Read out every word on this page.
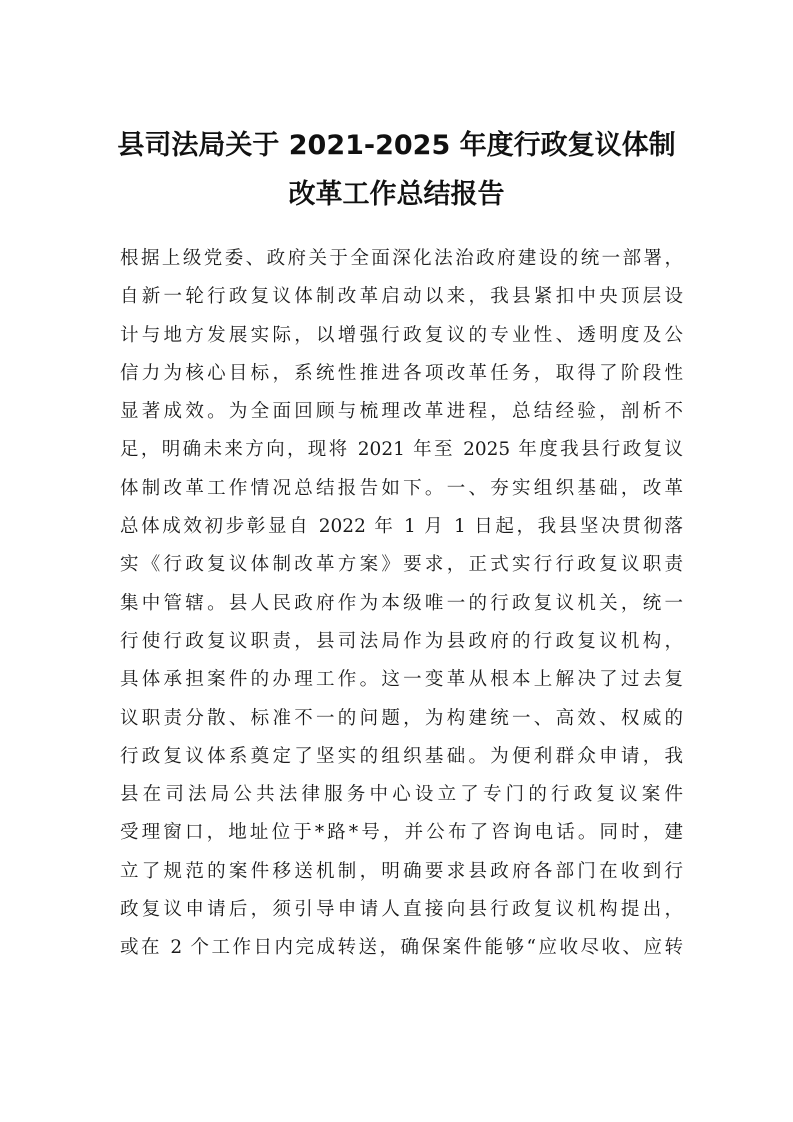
县司法局关于 2021-2025 年度行政复议体制
改革工作总结报告
根据上级党委、政府关于全面深化法治政府建设的统一部署，
自新一轮行政复议体制改革启动以来，我县紧扣中央顶层设
计与地方发展实际，以增强行政复议的专业性、透明度及公
信力为核心目标，系统性推进各项改革任务，取得了阶段性
显著成效。为全面回顾与梳理改革进程，总结经验，剖析不
足，明确未来方向，现将 2021 年至 2025 年度我县行政复议
体制改革工作情况总结报告如下。一、夯实组织基础，改革
总体成效初步彰显自 2022 年 1 月 1 日起，我县坚决贯彻落
实《行政复议体制改革方案》要求，正式实行行政复议职责
集中管辖。县人民政府作为本级唯一的行政复议机关，统一
行使行政复议职责，县司法局作为县政府的行政复议机构，
具体承担案件的办理工作。这一变革从根本上解决了过去复
议职责分散、标准不一的问题，为构建统一、高效、权威的
行政复议体系奠定了坚实的组织基础。为便利群众申请，我
县在司法局公共法律服务中心设立了专门的行政复议案件
受理窗口，地址位于*路*号，并公布了咨询电话。同时，建
立了规范的案件移送机制，明确要求县政府各部门在收到行
政复议申请后，须引导申请人直接向县行政复议机构提出，
或在 2 个工作日内完成转送，确保案件能够“应收尽收、应转
